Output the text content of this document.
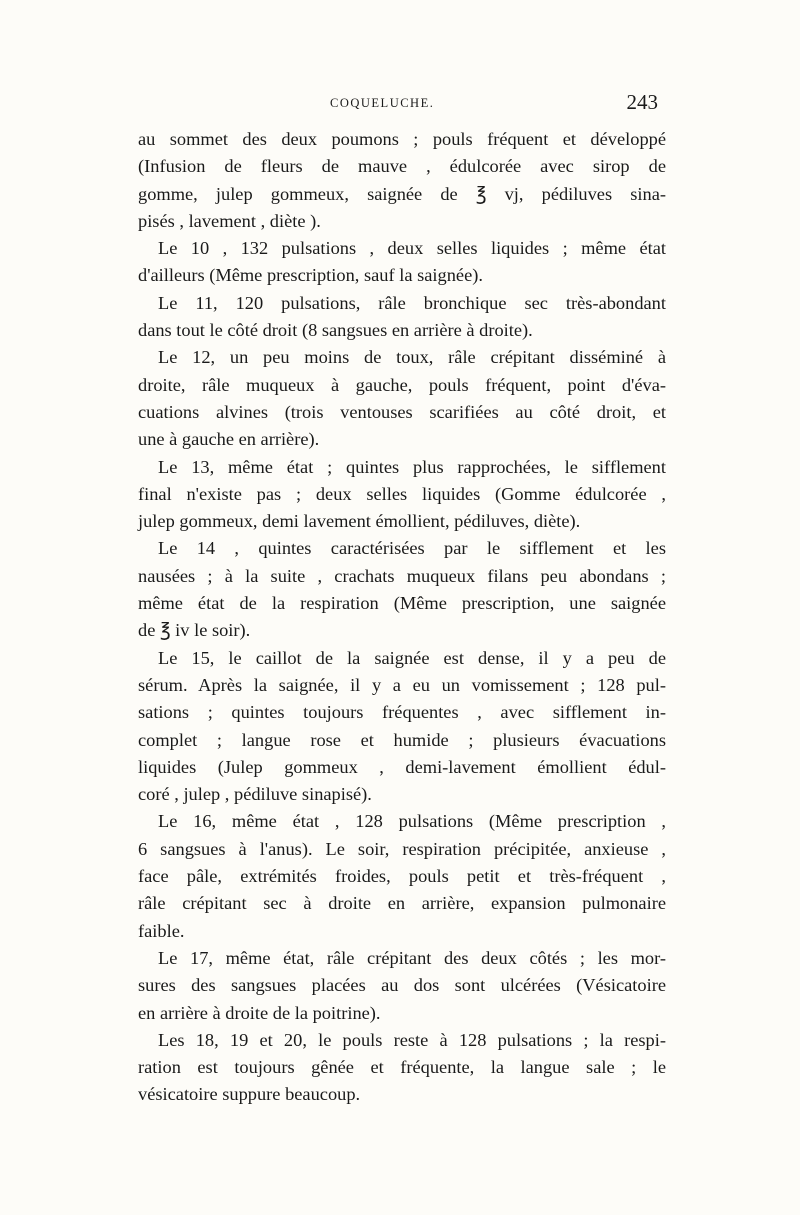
COQUELUCHE.	243
au sommet des deux poumons ; pouls fréquent et développé
(Infusion de fleurs de mauve , édulcorée avec sirop de
gomme, julep gommeux, saignée de ℥ vj, pédiluves sina-
pisés , lavement , diète ).
Le 10 , 132 pulsations , deux selles liquides ; même état
d'ailleurs (Même prescription, sauf la saignée).
Le 11, 120 pulsations, râle bronchique sec très-abondant
dans tout le côté droit (8 sangsues en arrière à droite).
Le 12, un peu moins de toux, râle crépitant disséminé à
droite, râle muqueux à gauche, pouls fréquent, point d'éva-
cuations alvines (trois ventouses scarifiées au côté droit, et
une à gauche en arrière).
Le 13, même état ; quintes plus rapprochées, le sifflement
final n'existe pas ; deux selles liquides (Gomme édulcorée ,
julep gommeux, demi lavement émollient, pédiluves, diète).
Le 14 , quintes caractérisées par le sifflement et les
nausées ; à la suite , crachats muqueux filans peu abondans ;
même état de la respiration (Même prescription, une saignée
de ℥ iv le soir).
Le 15, le caillot de la saignée est dense, il y a peu de
sérum. Après la saignée, il y a eu un vomissement ; 128 pul-
sations ; quintes toujours fréquentes , avec sifflement in-
complet ; langue rose et humide ; plusieurs évacuations
liquides (Julep gommeux , demi-lavement émollient édul-
coré , julep , pédiluve sinapisé).
Le 16, même état , 128 pulsations (Même prescription ,
6 sangsues à l'anus). Le soir, respiration précipitée, anxieuse ,
face pâle, extrémités froides, pouls petit et très-fréquent ,
râle crépitant sec à droite en arrière, expansion pulmonaire
faible.
Le 17, même état, râle crépitant des deux côtés ; les mor-
sures des sangsues placées au dos sont ulcérées (Vésicatoire
en arrière à droite de la poitrine).
Les 18, 19 et 20, le pouls reste à 128 pulsations ; la respi-
ration est toujours gênée et fréquente, la langue sale ; le
vésicatoire suppure beaucoup.
